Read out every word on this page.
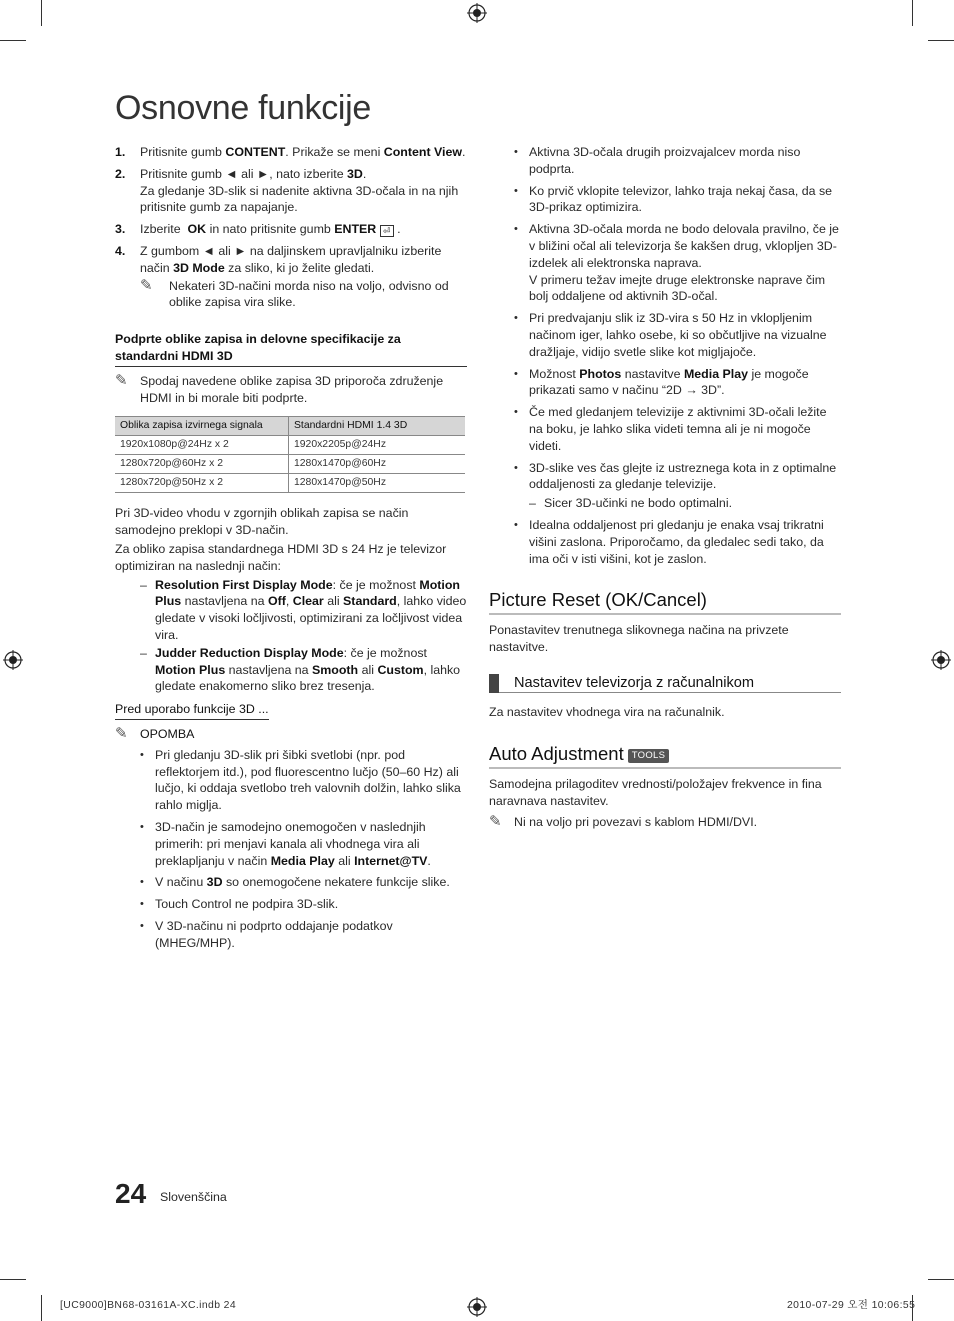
Osnovne funkcije
1. Pritisnite gumb CONTENT. Prikaže se meni Content View.
2. Pritisnite gumb ◄ ali ►, nato izberite 3D.
Za gledanje 3D-slik si nadenite aktivna 3D-očala in na njih pritisnite gumb za napajanje.
3. Izberite  OK in nato pritisnite gumb ENTER ⏎ .
4. Z gumbom ◄ ali ► na daljinskem upravljalniku izberite način 3D Mode za sliko, ki jo želite gledati.
✎ Nekateri 3D-načini morda niso na voljo, odvisno od oblike zapisa vira slike.
Podprte oblike zapisa in delovne specifikacije za standardni HDMI 3D
✎ Spodaj navedene oblike zapisa 3D priporoča združenje HDMI in bi morale biti podprte.
Oblika zapisa izvirnega signala	Standardni HDMI 1.4 3D
1920x1080p@24Hz x 2	1920x2205p@24Hz
1280x720p@60Hz x 2	1280x1470p@60Hz
1280x720p@50Hz x 2	1280x1470p@50Hz
Pri 3D-video vhodu v zgornjih oblikah zapisa se način samodejno preklopi v 3D-način.
Za obliko zapisa standardnega HDMI 3D s 24 Hz je televizor optimiziran na naslednji način:
– Resolution First Display Mode: če je možnost Motion Plus nastavljena na Off, Clear ali Standard, lahko video gledate v visoki ločljivosti, optimizirani za ločljivost videa vira.
– Judder Reduction Display Mode: če je možnost Motion Plus nastavljena na Smooth ali Custom, lahko gledate enakomerno sliko brez tresenja.
Pred uporabo funkcije 3D ...
✎ OPOMBA
• Pri gledanju 3D-slik pri šibki svetlobi (npr. pod reflektorjem itd.), pod fluorescentno lučjo (50–60 Hz) ali lučjo, ki oddaja svetlobo treh valovnih dolžin, lahko slika rahlo miglja.
• 3D-način je samodejno onemogočen v naslednjih primerih: pri menjavi kanala ali vhodnega vira ali preklapljanju v način Media Play ali Internet@TV.
• V načinu 3D so onemogočene nekatere funkcije slike.
• Touch Control ne podpira 3D-slik.
• V 3D-načinu ni podprto oddajanje podatkov (MHEG/MHP).
• Aktivna 3D-očala drugih proizvajalcev morda niso podprta.
• Ko prvič vklopite televizor, lahko traja nekaj časa, da se 3D-prikaz optimizira.
• Aktivna 3D-očala morda ne bodo delovala pravilno, če je v bližini očal ali televizorja še kakšen drug, vklopljen 3D-izdelek ali elektronska naprava.
V primeru težav imejte druge elektronske naprave čim bolj oddaljene od aktivnih 3D-očal.
• Pri predvajanju slik iz 3D-vira s 50 Hz in vklopljenim načinom iger, lahko osebe, ki so občutljive na vizualne dražljaje, vidijo svetle slike kot migljajoče.
• Možnost Photos nastavitve Media Play je mogoče prikazati samo v načinu “2D → 3D”.
• Če med gledanjem televizije z aktivnimi 3D-očali ležite na boku, je lahko slika videti temna ali je ni mogoče videti.
• 3D-slike ves čas glejte iz ustreznega kota in z optimalne oddaljenosti za gledanje televizije.
– Sicer 3D-učinki ne bodo optimalni.
• Idealna oddaljenost pri gledanju je enaka vsaj trikratni višini zaslona. Priporočamo, da gledalec sedi tako, da ima oči v isti višini, kot je zaslon.
Picture Reset (OK/Cancel)
Ponastavitev trenutnega slikovnega načina na privzete nastavitve.
Nastavitev televizorja z računalnikom
Za nastavitev vhodnega vira na računalnik.
Auto Adjustment TOOLS
Samodejna prilagoditev vrednosti/položajev frekvence in fina naravnava nastavitev.
✎ Ni na voljo pri povezavi s kablom HDMI/DVI.
24 Slovenščina
[UC9000]BN68-03161A-XC.indb 24	2010-07-29 오전 10:06:55
